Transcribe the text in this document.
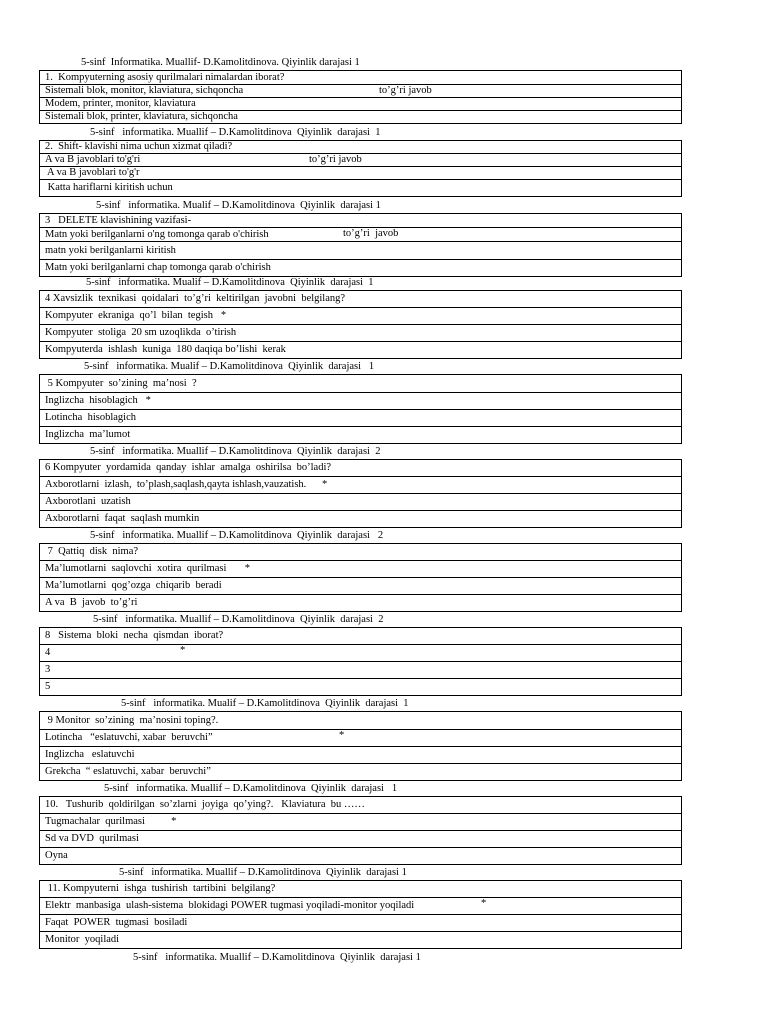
5-sinf  Informatika. Muallif- D.Kamolitdinova. Qiyinlik darajasi 1
1.  Kompyuterning asosiy qurilmalari nimalardan iborat?
Sistemali blok, monitor, klaviatura, sichqoncha	to’g’ri javob

Modem, printer, monitor, klaviatura
Sistemali blok, printer, klaviatura, sichqoncha
5-sinf   informatika. Muallif – D.Kamolitdinova  Qiyinlik  darajasi  1
2.  Shift- klavishi nima uchun xizmat qiladi?
A va B javoblari to'g'ri	to’g’ri javob

A va B javoblari to'g'r
Katta hariflarni kiritish uchun
5-sinf   informatika. Mualif – D.Kamolitdinova  Qiyinlik  darajasi 1
3   DELETE klavishining vazifasi-
Matn yoki berilganlarni o'ng tomonga qarab o'chirish	to’g’ri  javob

matn yoki berilganlarni kiritish
Matn yoki berilganlarni chap tomonga qarab o'chirish
5-sinf   informatika. Mualif – D.Kamolitdinova  Qiyinlik  darajasi  1
4 Xavsizlik  texnikasi  qoidalari  to’g’ri  keltirilgan  javobni  belgilang?
Kompyuter  ekraniga  qo’l  bilan  tegish   *
Kompyuter  stoliga  20 sm uzoqlikda  o’tirish
Kompyuterda  ishlash  kuniga  180 daqiqa bo’lishi  kerak
5-sinf   informatika. Mualif – D.Kamolitdinova  Qiyinlik  darajasi   1
5 Kompyuter  so’zining  ma’nosi  ?
Inglizcha  hisoblagich   *
Lotincha  hisoblagich
Inglizcha  ma’lumot
5-sinf   informatika. Muallif – D.Kamolitdinova  Qiyinlik  darajasi  2
6 Kompyuter  yordamida  qanday  ishlar  amalga  oshirilsa  bo’ladi?
Axborotlarni  izlash,  to’plash,saqlash,qayta ishlash,vauzatish.      *
Axborotlani  uzatish
Axborotlarni  faqat  saqlash mumkin
5-sinf   informatika. Muallif – D.Kamolitdinova  Qiyinlik  darajasi   2
7  Qattiq  disk  nima?
Ma’lumotlarni  saqlovchi  xotira  qurilmasi       *
Ma’lumotlarni  qog’ozga  chiqarib  beradi
A va  B  javob  to’g’ri
5-sinf   informatika. Muallif – D.Kamolitdinova  Qiyinlik  darajasi  2
8   Sistema  bloki  necha  qismdan  iborat?
4	*

3
5
5-sinf   informatika. Mualif – D.Kamolitdinova  Qiyinlik  darajasi  1
9 Monitor  so’zining  ma’nosini toping?.
Lotincha   “eslatuvchi, xabar  beruvchi”	*

Inglizcha   eslatuvchi
Grekcha  “ eslatuvchi, xabar  beruvchi”
5-sinf   informatika. Muallif – D.Kamolitdinova  Qiyinlik  darajasi   1
10.   Tushurib  qoldirilgan  so’zlarni  joyiga  qo’ying?.   Klaviatura  bu ……
Tugmachalar  qurilmasi          *
Sd va DVD  qurilmasi
Oyna
5-sinf   informatika. Muallif – D.Kamolitdinova  Qiyinlik  darajasi 1
11. Kompyuterni  ishga  tushirish  tartibini  belgilang?
Elektr  manbasiga  ulash-sistema  blokidagi POWER tugmasi yoqiladi-monitor yoqiladi	*

Faqat  POWER  tugmasi  bosiladi
Monitor  yoqiladi
5-sinf   informatika. Muallif – D.Kamolitdinova  Qiyinlik  darajasi 1
